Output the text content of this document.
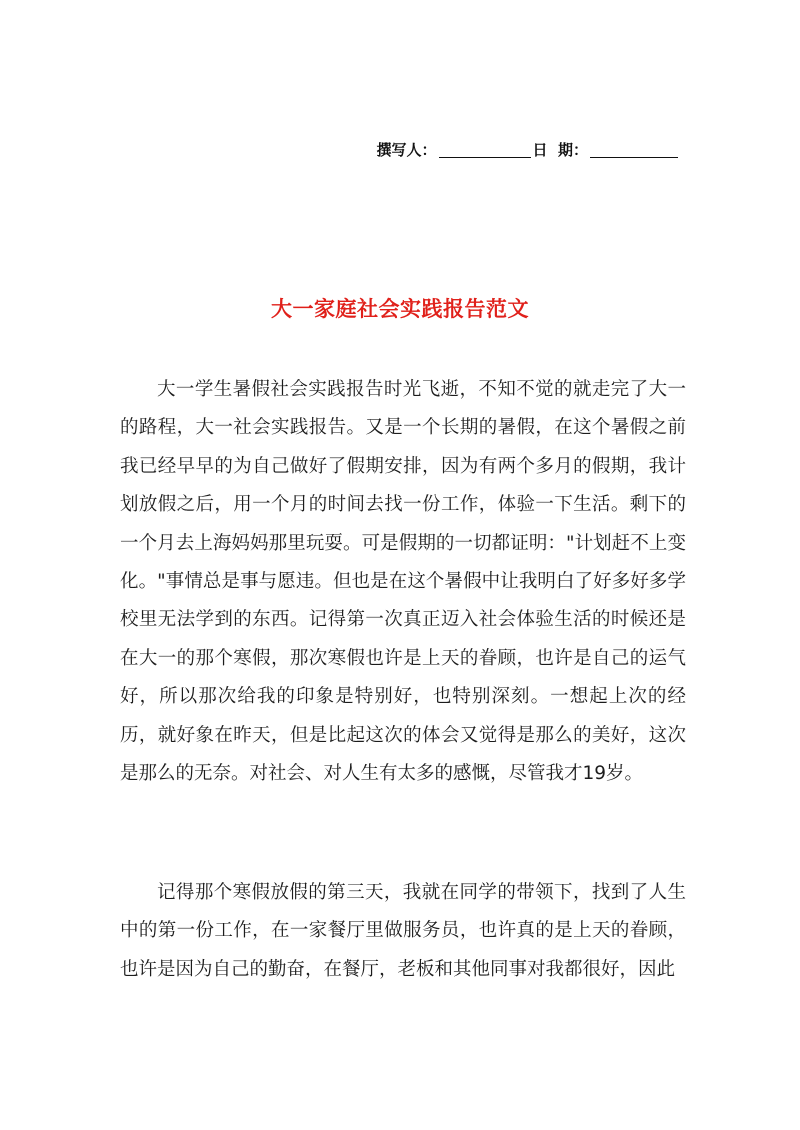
撰写人：	日  期：
大一家庭社会实践报告范文

大一学生暑假社会实践报告时光飞逝，不知不觉的就走完了大一的路程，大一社会实践报告。又是一个长期的暑假，在这个暑假之前我已经早早的为自己做好了假期安排，因为有两个多月的假期，我计划放假之后，用一个月的时间去找一份工作，体验一下生活。剩下的一个月去上海妈妈那里玩耍。可是假期的一切都证明："计划赶不上变化。"事情总是事与愿违。但也是在这个暑假中让我明白了好多好多学校里无法学到的东西。记得第一次真正迈入社会体验生活的时候还是在大一的那个寒假，那次寒假也许是上天的眷顾，也许是自己的运气好，所以那次给我的印象是特别好，也特别深刻。一想起上次的经历，就好象在昨天，但是比起这次的体会又觉得是那么的美好，这次是那么的无奈。对社会、对人生有太多的感慨，尽管我才19岁。

记得那个寒假放假的第三天，我就在同学的带领下，找到了人生中的第一份工作，在一家餐厅里做服务员，也许真的是上天的眷顾，也许是因为自己的勤奋，在餐厅，老板和其他同事对我都很好，因此
